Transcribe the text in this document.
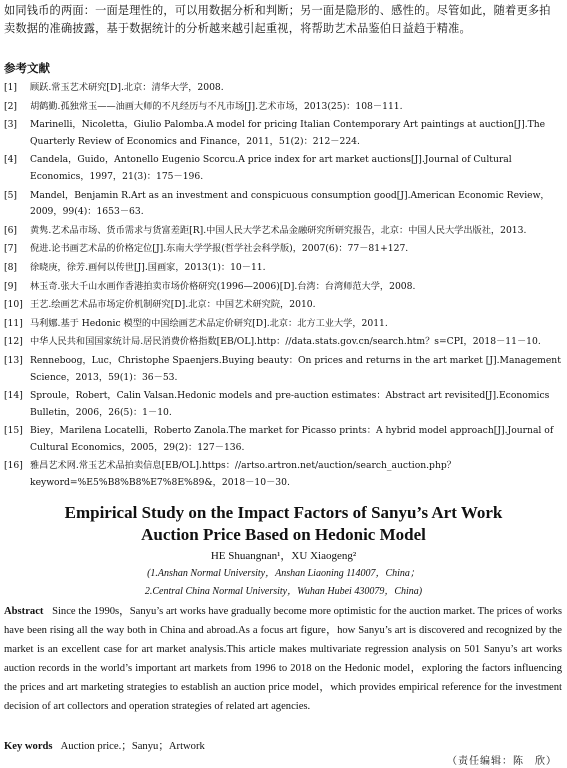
如同钱币的两面：一面是理性的，可以用数据分析和判断；另一面是隐形的、感性的。尽管如此，随着更多拍卖数据的准确披露，基于数据统计的分析越来越引起重视，将帮助艺术品鉴伯日益趋于精准。
参考文献
[1]	顾跃.常玉艺术研究[D].北京：清华大学，2008.
[2]	胡鹤勤.孤独常玉——油画大师的不凡经历与不凡市场[J].艺术市场，2013(25)：108－111.
[3]	Marinelli，Nicoletta，Giulio Palomba.A model for pricing Italian Contemporary Art paintings at auction[J].The Quarterly Review of Economics and Finance，2011，51(2)：212－224.
[4]	Candela，Guido，Antonello Eugenio Scorcu.A price index for art market auctions[J].Journal of Cultural Economics，1997，21(3)：175－196.
[5]	Mandel，Benjamin R.Art as an investment and conspicuous consumption good[J].American Economic Review，2009，99(4)：1653－63.
[6]	黄隽.艺术品市场、货币需求与货富差距[R].中国人民大学艺术品金融研究所研究报告，北京：中国人民大学出版社，2013.
[7]	倪进.论书画艺术品的价格定位[J].东南大学学报(哲学社会科学版)，2007(6)：77－81+127.
[8]	徐晓庚，徐芳.画何以传世[J].国画家，2013(1)：10－11.
[9]	林玉奇.张大千山水画作香港拍卖市场价格研究(1996—2006)[D].台湾：台湾师范大学，2008.
[10] 王艺.绘画艺术品市场定价机制研究[D].北京：中国艺术研究院，2010.
[11] 马利娜.基于 Hedonic 模型的中国绘画艺术品定价研究[D].北京：北方工业大学，2011.
[12] 中华人民共和国国家统计局.居民消费价格指数[EB/OL].http：//data.stats.gov.cn/search.htm？s=CPI，2018－11－10.
[13] Renneboog，Luc，Christophe Spaenjers.Buying beauty：On prices and returns in the art market [J].Management Science，2013，59(1)：36－53.
[14] Sproule，Robert，Calin Valsan.Hedonic models and pre-auction estimates：Abstract art revisited[J].Economics Bulletin，2006，26(5)：1－10.
[15] Biey，Marilena Locatelli，Roberto Zanola.The market for Picasso prints：A hybrid model approach[J].Journal of Cultural Economics，2005，29(2)：127－136.
[16] 雅昌艺术网.常玉艺术品拍卖信息[EB/OL].https：//artso.artron.net/auction/search_auction.php？keyword=%E5%B8%B8%E7%8E%89&，2018－10－30.
Empirical Study on the Impact Factors of Sanyu’s Art Work
Auction Price Based on Hedonic Model
HE Shuangnan¹，XU Xiaogeng²
(1.Anshan Normal University，Anshan Liaoning 114007，China；
2.Central China Normal University，Wuhan Hubei 430079，China)
Abstract Since the 1990s，Sanyu’s art works have gradually become more optimistic for the auction market. The prices of works have been rising all the way both in China and abroad.As a focus art figure，how Sanyu’s art is discovered and recognized by the market is an excellent case for art market analysis.This article makes multivariate regression analysis on 501 Sanyu’s art works auction records in the world’s important art markets from 1996 to 2018 on the Hedonic model，exploring the factors influencing the prices and art marketing strategies to establish an auction price model，which provides empirical reference for the investment decision of art collectors and operation strategies of related art agencies.
Key words Auction price.；Sanyu；Artwork
（责任编辑：陈　欣）
